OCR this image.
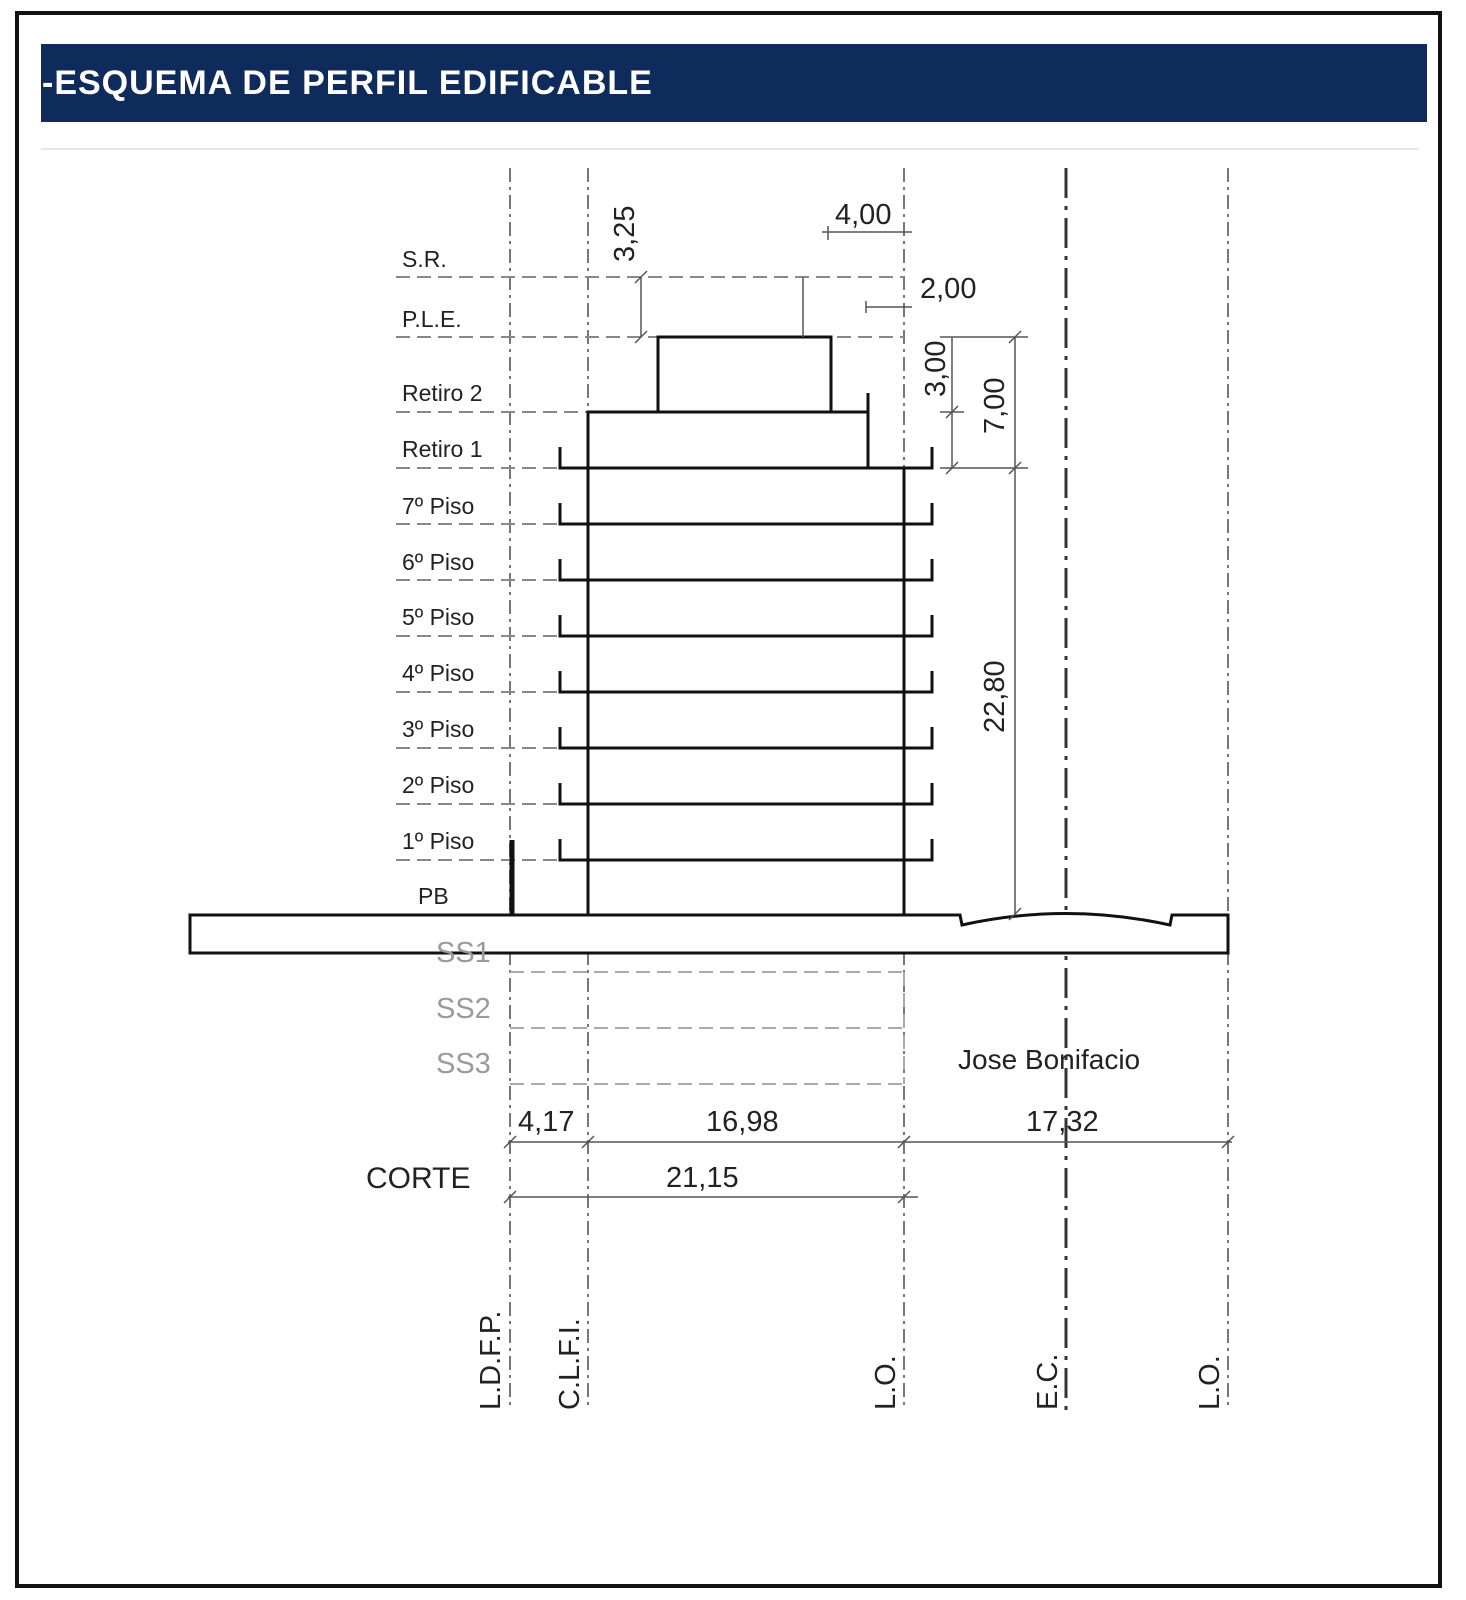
-ESQUEMA DE PERFIL EDIFICABLE
S.R.
P.L.E.
Retiro 2
Retiro 1
7º Piso
6º Piso
5º Piso
4º Piso
3º Piso
2º Piso
1º Piso
PB
SS1
SS2
SS3
3,25	4,00
2,00
3,00
7,00
22,80
4,17	16,98	17,32
21,15
CORTE
Jose Bonifacio
L.D.F.P. C.L.F.I.	L.O.	E.C.	L.O.
